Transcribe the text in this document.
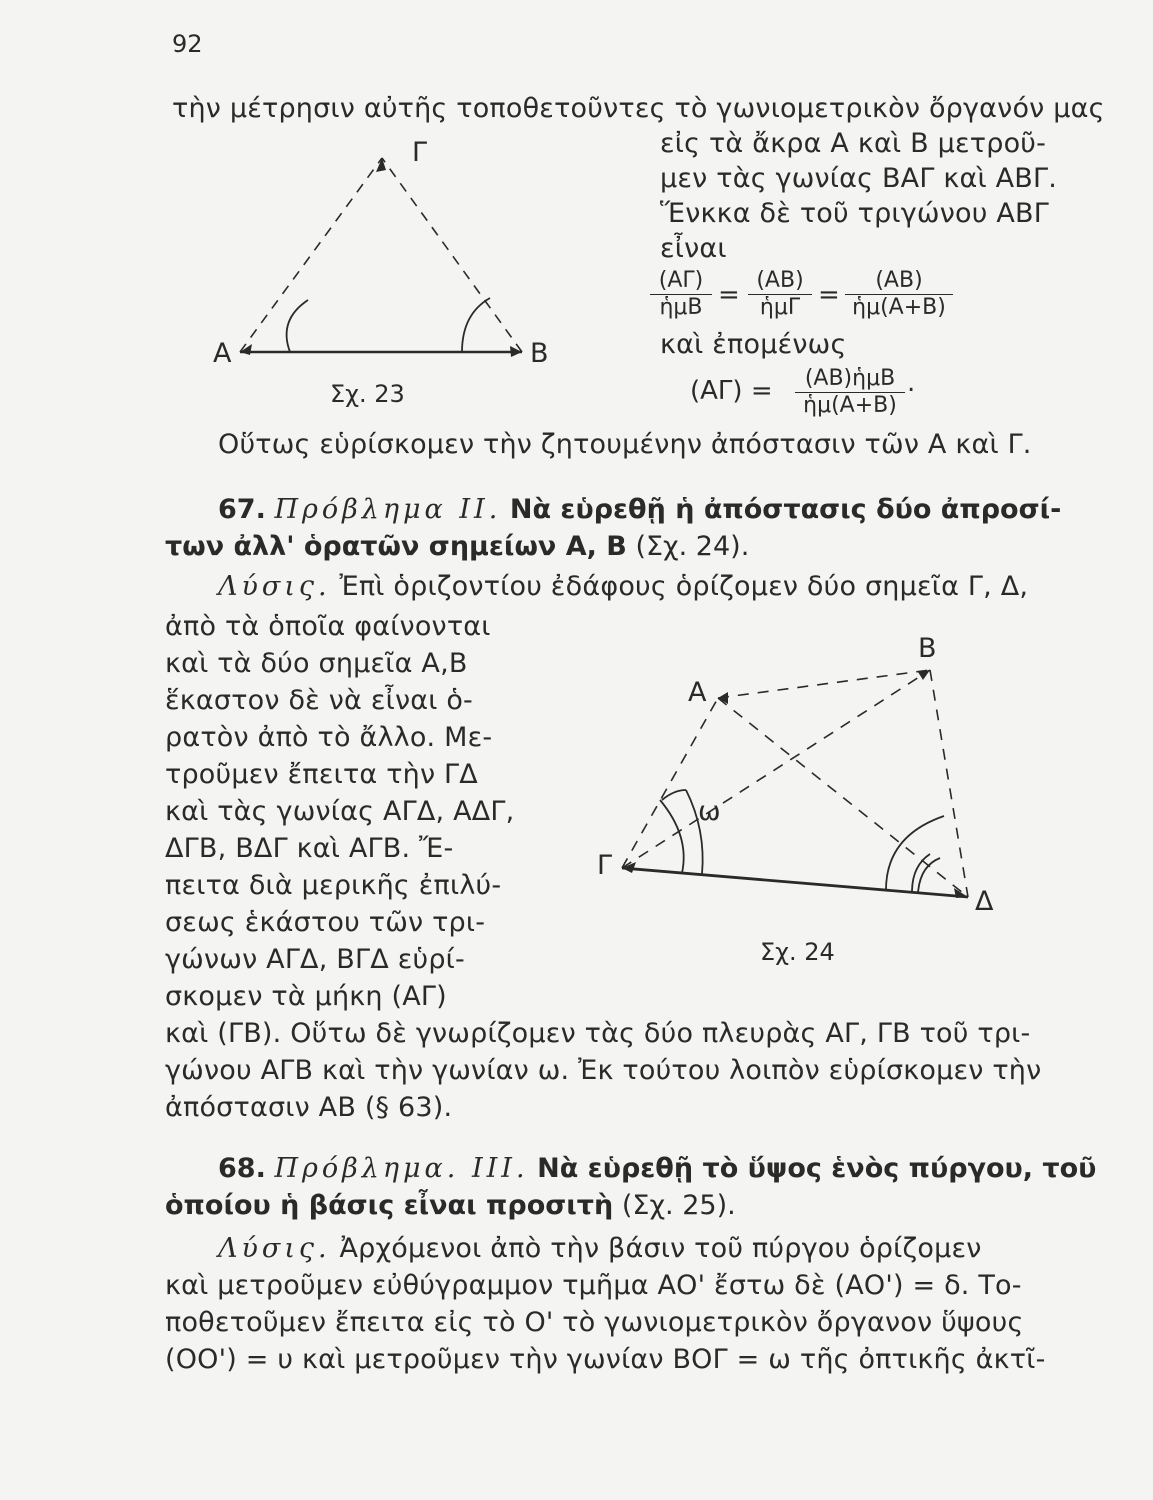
92
τὴν μέτρησιν αὐτῆς τοποθετοῦντες τὸ γωνιομετρικὸν ὄργανόν μας
εἰς τὰ ἄκρα Α καὶ Β μετροῦ-
μεν τὰς γωνίας ΒΑΓ καὶ ΑΒΓ.
Ἕνκκα δὲ τοῦ τριγώνου ΑΒΓ
εἶναι
(ΑΓ)
ἡμΒ = (ΑΒ)
ἡμΓ = $\frac{(AB)}{\text{ἡμ(Α+Β)}}$
καὶ ἐπομένως
(ΑΓ) =	(ΑΒ)ἡμΒ
ἡμ(Α+Β)
.
Γ
Α	Β
Σχ. 23
Οὕτως εὑρίσκομεν τὴν ζητουμένην ἀπόστασιν τῶν Α καὶ Γ.
67. Πρόβλημα ΙΙ. Νὰ εὑρεθῇ ἡ ἀπόστασις δύο ἀπροσί-
των ἀλλ' ὁρατῶν σημείων Α, Β (Σχ. 24).
Λύσις. Ἐπὶ ὁριζοντίου ἐδάφους ὁρίζομεν δύο σημεῖα Γ, Δ,
ἀπὸ τὰ ὁποῖα φαίνονται
καὶ τὰ δύο σημεῖα Α,Β
ἕκαστον δὲ νὰ εἶναι ὁ-
ρατὸν ἀπὸ τὸ ἄλλο. Με-
τροῦμεν ἔπειτα τὴν ΓΔ
καὶ τὰς γωνίας ΑΓΔ, ΑΔΓ,
ΔΓΒ, ΒΔΓ καὶ ΑΓΒ. Ἔ-
πειτα διὰ μερικῆς ἐπιλύ-
σεως ἑκάστου τῶν τρι-
γώνων ΑΓΔ, ΒΓΔ εὑρί-
σκομεν τὰ μήκη (ΑΓ)
Β
Α
ω
Γ
Δ
Σχ. 24
καὶ (ΓΒ). Οὕτω δὲ γνωρίζομεν τὰς δύο πλευρὰς ΑΓ, ΓΒ τοῦ τρι-
γώνου ΑΓΒ καὶ τὴν γωνίαν ω. Ἐκ τούτου λοιπὸν εὑρίσκομεν τὴν
ἀπόστασιν ΑΒ (§ 63).
68. Πρόβλημα. ΙΙΙ. Νὰ εὑρεθῇ τὸ ὕψος ἑνὸς πύργου, τοῦ
ὁποίου ἡ βάσις εἶναι προσιτὴ (Σχ. 25).
Λύσις. Ἀρχόμενοι ἀπὸ τὴν βάσιν τοῦ πύργου ὁρίζομεν
καὶ μετροῦμεν εὐθύγραμμον τμῆμα ΑΟ' ἔστω δὲ (ΑΟ') = δ. Το-
ποθετοῦμεν ἔπειτα εἰς τὸ Ο' τὸ γωνιομετρικὸν ὄργανον ὕψους
(ΟΟ') = υ καὶ μετροῦμεν τὴν γωνίαν ΒΟΓ = ω τῆς ὀπτικῆς ἀκτῖ-
